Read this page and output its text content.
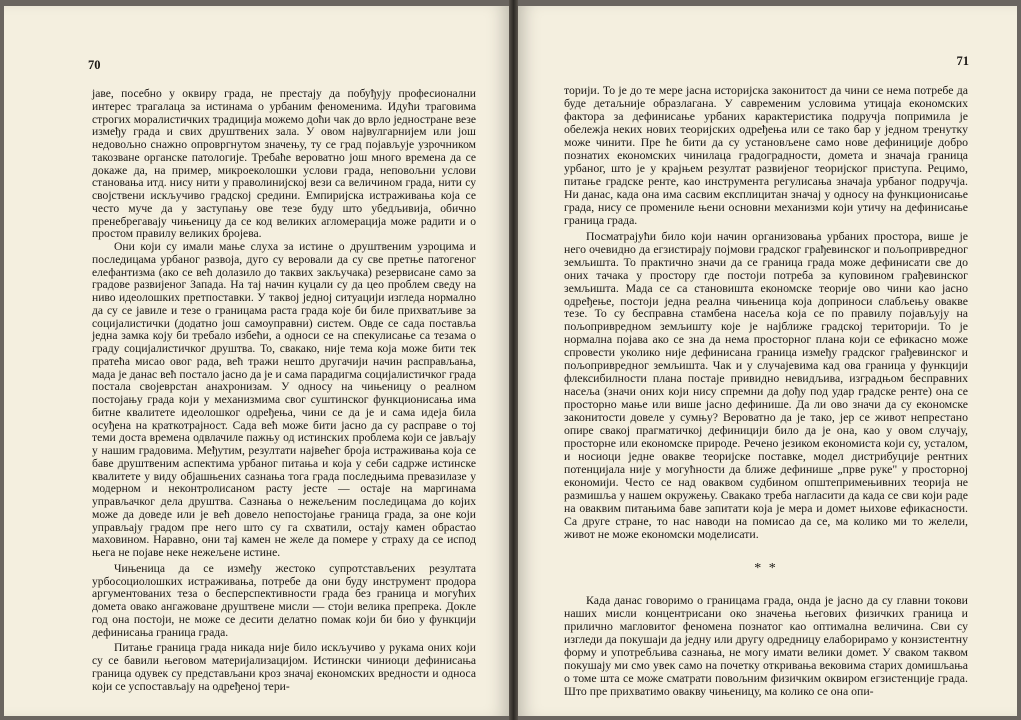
70

јаве, посебно у оквиру града, не престају да побуђују професионални интерес трагалаца за истинама о урбаним феноменима. Идући траговима строгих моралистичких традиција можемо доћи чак до врло једностране везе између града и свих друштвених зала. У овом највулгарнијем или још недовољно снажно опровргнутом значењу, ту се град појављује узрочником такозване органске патологије. Требаће вероватно још много времена да се докаже да, на пример, микроеколошки услови града, неповољни услови становања итд. нису нити у праволинијској вези са величином града, нити су својствени искључиво градској средини. Емпиријска истраживања која се често муче да у заступању ове тезе буду што убедљивија, обично пренебрегавају чињеницу да се код великих агломерација може радити и о простом правилу великих бројева.

Они који су имали мање слуха за истине о друштвеним узроцима и последицама урбаног развоја, дуго су веровали да су све претње патогеног елефантизма (ако се већ долазило до таквих закључака) резервисане само за градове развијеног Запада. На тај начин куцали су да цео проблем сведу на ниво идеолошких претпоставки. У таквој једној ситуацији изгледа нормално да су се јавиле и тезе о границама раста града које би биле прихватљиве за социјалистички (додатно још самоуправни) систем. Овде се сада поставља једна замка коју би требало избећи, а односи се на спекулисање са тезама о граду социјалистичког друштва. То, свакако, није тема која може бити тек пратећа мисао овог рада, већ тражи нешто другачији начин расправљања, мада је данас већ постало јасно да је и сама парадигма социјалистичког града постала својеврстан анахронизам. У односу на чињеницу о реалном постојању града који у механизмима свог суштинског функционисања има битне квалитете идеолошког одређења, чини се да је и сама идеја била осуђена на краткотрајност. Сада већ може бити јасно да су расправе о тој теми доста времена одвлачиле пажњу од истинских проблема који се јављају у нашим градовима. Међутим, резултати највећег броја истраживања која се баве друштвеним аспектима урбаног питања и која у себи садрже истинске квалитете у виду објашњених сазнања тога града последњима превазилазе у модерном и неконтролисаном расту јесте — остаје на маргинама управљачког дела друштва. Сазнања о нежељеним последицама до којих може да доведе или је већ довело непостојање граница града, за оне који управљају градом пре него што су га схватили, остају камен обрастао маховином. Наравно, они тај камен не желе да помере у страху да се испод њега не појаве неке нежељене истине.

Чињеница да се између жестоко супротстављених резултата урбосоциолошких истраживања, потребе да они буду инструмент продора аргументованих теза о бесперспективности града без граница и могућих домета овако ангажоване друштвене мисли — стоји велика препрека. Докле год она постоји, не може се десити делатно помак који би био у функцији дефинисања граница града.

Питање граница града никада није било искључиво у рукама оних који су се бавили његовом материјализацијом. Истински чиниоци дефинисања граница одувек су представљани кроз значај економских вредности и односа који се успостављају на одређеној тери-

71

торији. То је до те мере јасна историјска законитост да чини се нема потребе да буде детаљније образлагана. У савременим условима утицаја економских фактора за дефинисање урбаних карактеристика подручја попримила је обележја неких нових теоријских одређења или се тако бар у једном тренутку може чинити. Пре ће бити да су установљене само нове дефиниције добро познатих економских чинилаца градоградности, домета и значаја граница урбаног, што је у крајњем резултат развијеног теоријског приступа. Рецимо, питање градске ренте, као инструмента регулисања значаја урбаног подручја. Ни данас, када она има сасвим експлицитан значај у односу на функционисање града, нису се промениле њени основни механизми који утичу на дефинисање граница града.

Посматрајући било који начин организовања урбаних простора, више је него очевидно да егзистирају појмови градског грађевинског и пољопривредног земљишта. То практично значи да се граница града може дефинисати све до оних тачака у простору где постоји потреба за куповином грађевинског земљишта. Мада се са становишта економске теорије ово чини као јасно одређење, постоји једна реална чињеница која доприноси слабљењу овакве тезе. То су бесправна стамбена насеља која се по правилу појављују на пољопривредном земљишту које је најближе градској територији. То је нормална појава ако се зна да нема просторног плана који се ефикасно може спровести уколико није дефинисана граница између градског грађевинског и пољопривредног земљишта. Чак и у случајевима кад ова граница у функцији флексибилности плана постаје привидно невидљива, изградњом бесправних насеља (значи оних који нису спремни да дођу под удар градске ренте) она се просторно мање или више јасно дефинише. Да ли ово значи да су економске законитости довеле у сумњу? Вероватно да је тако, јер се живот непрестано опире свакој прагматичкој дефиницији било да је она, као у овом случају, просторне или економске природе. Речено језиком економиста који су, усталом, и носиоци једне овакве теоријске поставке, модел дистрибуције рентних потенцијала није у могућности да ближе дефинише „прве руке" у просторној економији. Често се над оваквом судбином општепримењивних теорија не размишља у нашем окружењу. Свакако треба нагласити да када се сви који раде на оваквим питањима баве запитати која је мера и домет њихове ефикасности. Са друге стране, то нас наводи на помисао да се, ма колико ми то желели, живот не може економски моделисати.

* *

Када данас говоримо о границама града, онда је јасно да су главни токови наших мисли концентрисани око значења његових физичких граница и прилично магловитог феномена познатог као оптимална величина. Сви су изгледи да покушаји да једну или другу одредницу елаборирамо у конзистентну форму и употребљива сазнања, не могу имати велики домет. У сваком таквом покушају ми смо увек само на почетку откривања вековима старих домишљања о томе шта се може сматрати повољним физичким оквиром егзистенције града. Што пре прихватимо овакву чињеницу, ма колико се она опи-
